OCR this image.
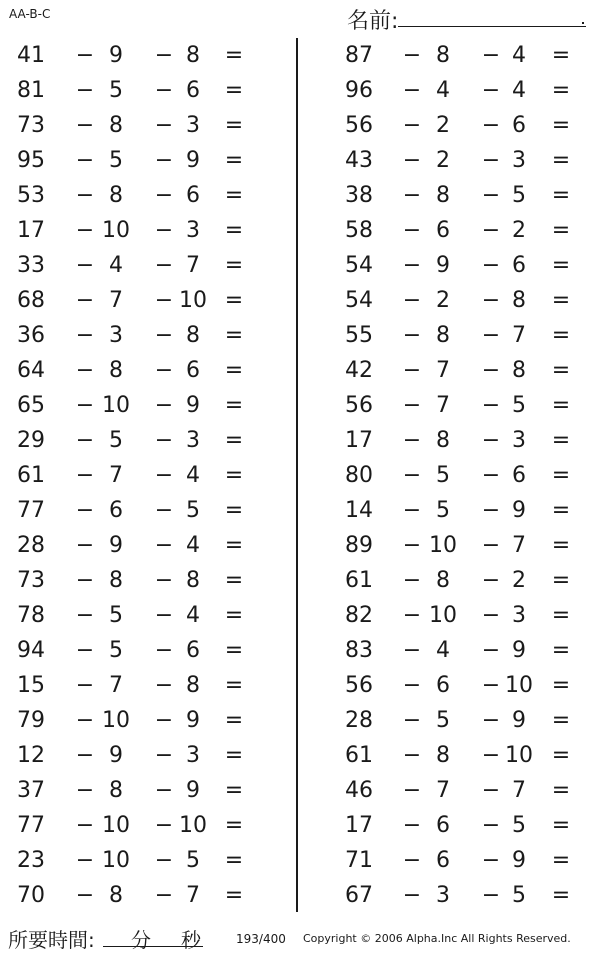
AA-B-C	名前:
41 − 9	− 8	=
81 − 5	− 6	=
73 − 8	− 3	=
95 − 5	− 9	=
53 − 8	− 6	=
17 − 10 − 3	=
33 − 4	− 7	=
68 − 7	− 10 =
36 − 3	− 8	=
64 − 8	− 6	=
65 − 10 − 9	=
29 − 5	− 3	=
61 − 7	− 4	=
77 − 6	− 5	=
28 − 9	− 4	=
73 − 8	− 8	=
78 − 5	− 4	=
94 − 5	− 6	=
15 − 7	− 8	=
79 − 10 − 9	=
12 − 9	− 3	=
37 − 8	− 9	=
77 − 10 − 10 =
23 − 10 − 5	=
70 − 8	− 7	=
87 − 8	− 4	=
96 − 4	− 4	=
56 − 2	− 6	=
43 − 2	− 3	=
38 − 8	− 5	=
58 − 6	− 2	=
54 − 9	− 6	=
54 − 2	− 8	=
55 − 8	− 7	=
42 − 7	− 8	=
56 − 7	− 5	=
17 − 8	− 3	=
80 − 5	− 6	=
14 − 5	− 9	=
89 − 10 − 7	=
61 − 8	− 2	=
82 − 10 − 3	=
83 − 4	− 9	=
56 − 6	− 10 =
28 − 5	− 9	=
61 − 8	− 10 =
46 − 7	− 7	=
17 − 6	− 5	=
71 − 6	− 9	=
67 − 3	− 5	=
所要時間: 分 秒	193/400 Copyright © 2006 Alpha.Inc All Rights Reserved.
